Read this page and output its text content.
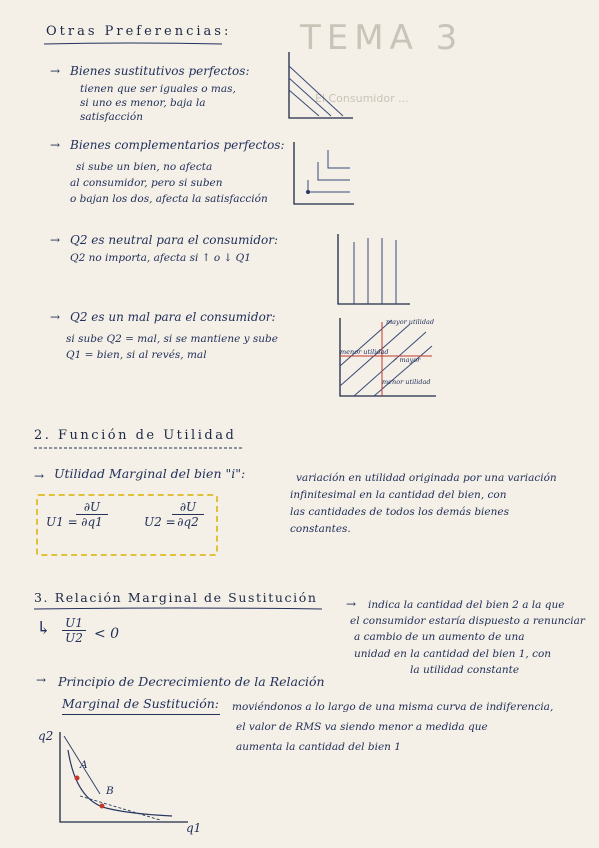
TEMA 3
El Consumidor ...
Otras Preferencias:
→ Bienes sustitutivos perfectos:
tienen que ser iguales o mas,
si uno es menor, baja la
satisfacción
→ Bienes complementarios perfectos:
si sube un bien, no afecta
al consumidor, pero si suben
o bajan los dos, afecta la satisfacción
→ Q2 es neutral para el consumidor:
Q2 no importa, afecta si ↑ o ↓ Q1
→ Q2 es un mal para el consumidor:
si sube Q2 = mal, si se mantiene y sube
Q1 = bien, si al revés, mal
mayor utilidad
menor utilidad
↗ mayor
menor utilidad
2. Función de Utilidad
→ Utilidad Marginal del bien "i":	variación en utilidad originada por una variación
infinitesimal en la cantidad del bien, con
las cantidades de todos los demás bienes
constantes.
U1 =
$\frac{\partial U}{\partial q1}$	U2 =
$\frac{\partial U}{\partial q2}$
3. Relación Marginal de Sustitución → indica la cantidad del bien 2 a la que
el consumidor estaría dispuesto a renunciar
a cambio de un aumento de una
unidad en la cantidad del bien 1, con
la utilidad constante
↳ $\frac{U1}{U2} < 0$
→ Principio de Decrecimiento de la Relación
Marginal de Sustitución: moviéndonos a lo largo de una misma curva de indiferencia,
el valor de RMS va siendo menor a medida que
aumenta la cantidad del bien 1
q2
q1
A
B
